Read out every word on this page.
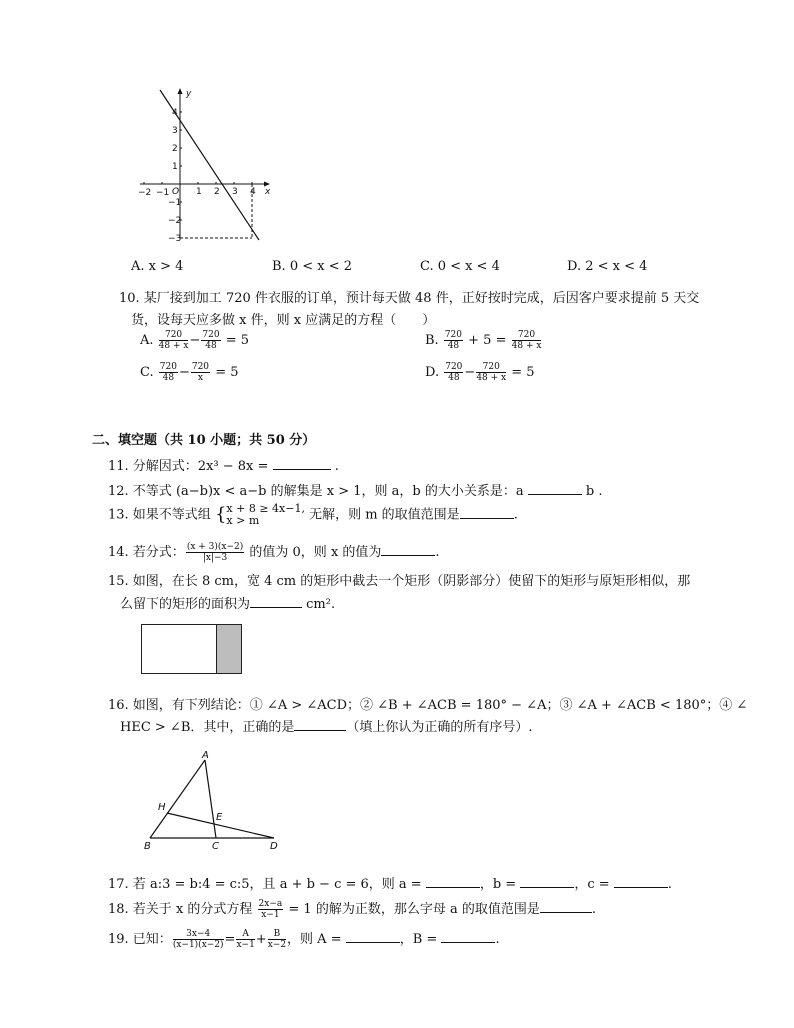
−2 −1 O 1 2 3 4 x
y
4
3
2
1
−1
−2
−3
A. x > 4	B. 0 < x < 2	C. 0 < x < 4	D. 2 < x < 4
10. 某厂接到加工 720 件衣服的订单，预计每天做 48 件，正好按时完成，后因客户要求提前 5 天交
货，设每天应多做 x 件，则 x 应满足的方程（　　）
A. $\frac{720}{48 + x} - \frac{720}{48} = 5$	B. $\frac{720}{48} + 5 = \frac{720}{48 + x}$
C. $\frac{720}{48} - \frac{720}{x} = 5$	D. $\frac{720}{48} - \frac{720}{48 + x} = 5$
二、填空题（共 10 小题；共 50 分）
11. 分解因式：2x³ − 8x =	.
12. 不等式 (a−b)x < a−b 的解集是 x > 1，则 a，b 的大小关系是：a	b .
13. 如果不等式组 { x + 8 ≥ 4x−1,
x > m	无解，则 m 的取值范围是	.
14. 若分式： $\frac{(x + 3)(x-2)}{|x|-3}$ 的值为 0，则 x 的值为	.
15. 如图，在长 8 cm，宽 4 cm 的矩形中截去一个矩形（阴影部分）使留下的矩形与原矩形相似，那
么留下的矩形的面积为	cm².
16. 如图，有下列结论：① ∠A > ∠ACD；② ∠B + ∠ACB = 180° − ∠A；③ ∠A + ∠ACB < 180°；④ ∠
HEC > ∠B．其中，正确的是	（填上你认为正确的所有序号）.
A
H
E
B	C	D
17. 若 a:3 = b:4 = c:5，且 a + b − c = 6，则 a =	，b =	，c =	.
18. 若关于 x 的分式方程 $\frac{2x-a}{x-1} = 1$ 的解为正数，那么字母 a 的取值范围是	.
19. 已知： $\frac{3x-4}{(x-1)(x-2)} = \frac{A}{x-1} + \frac{B}{x-2}$ ，则 A =	，B =	.
